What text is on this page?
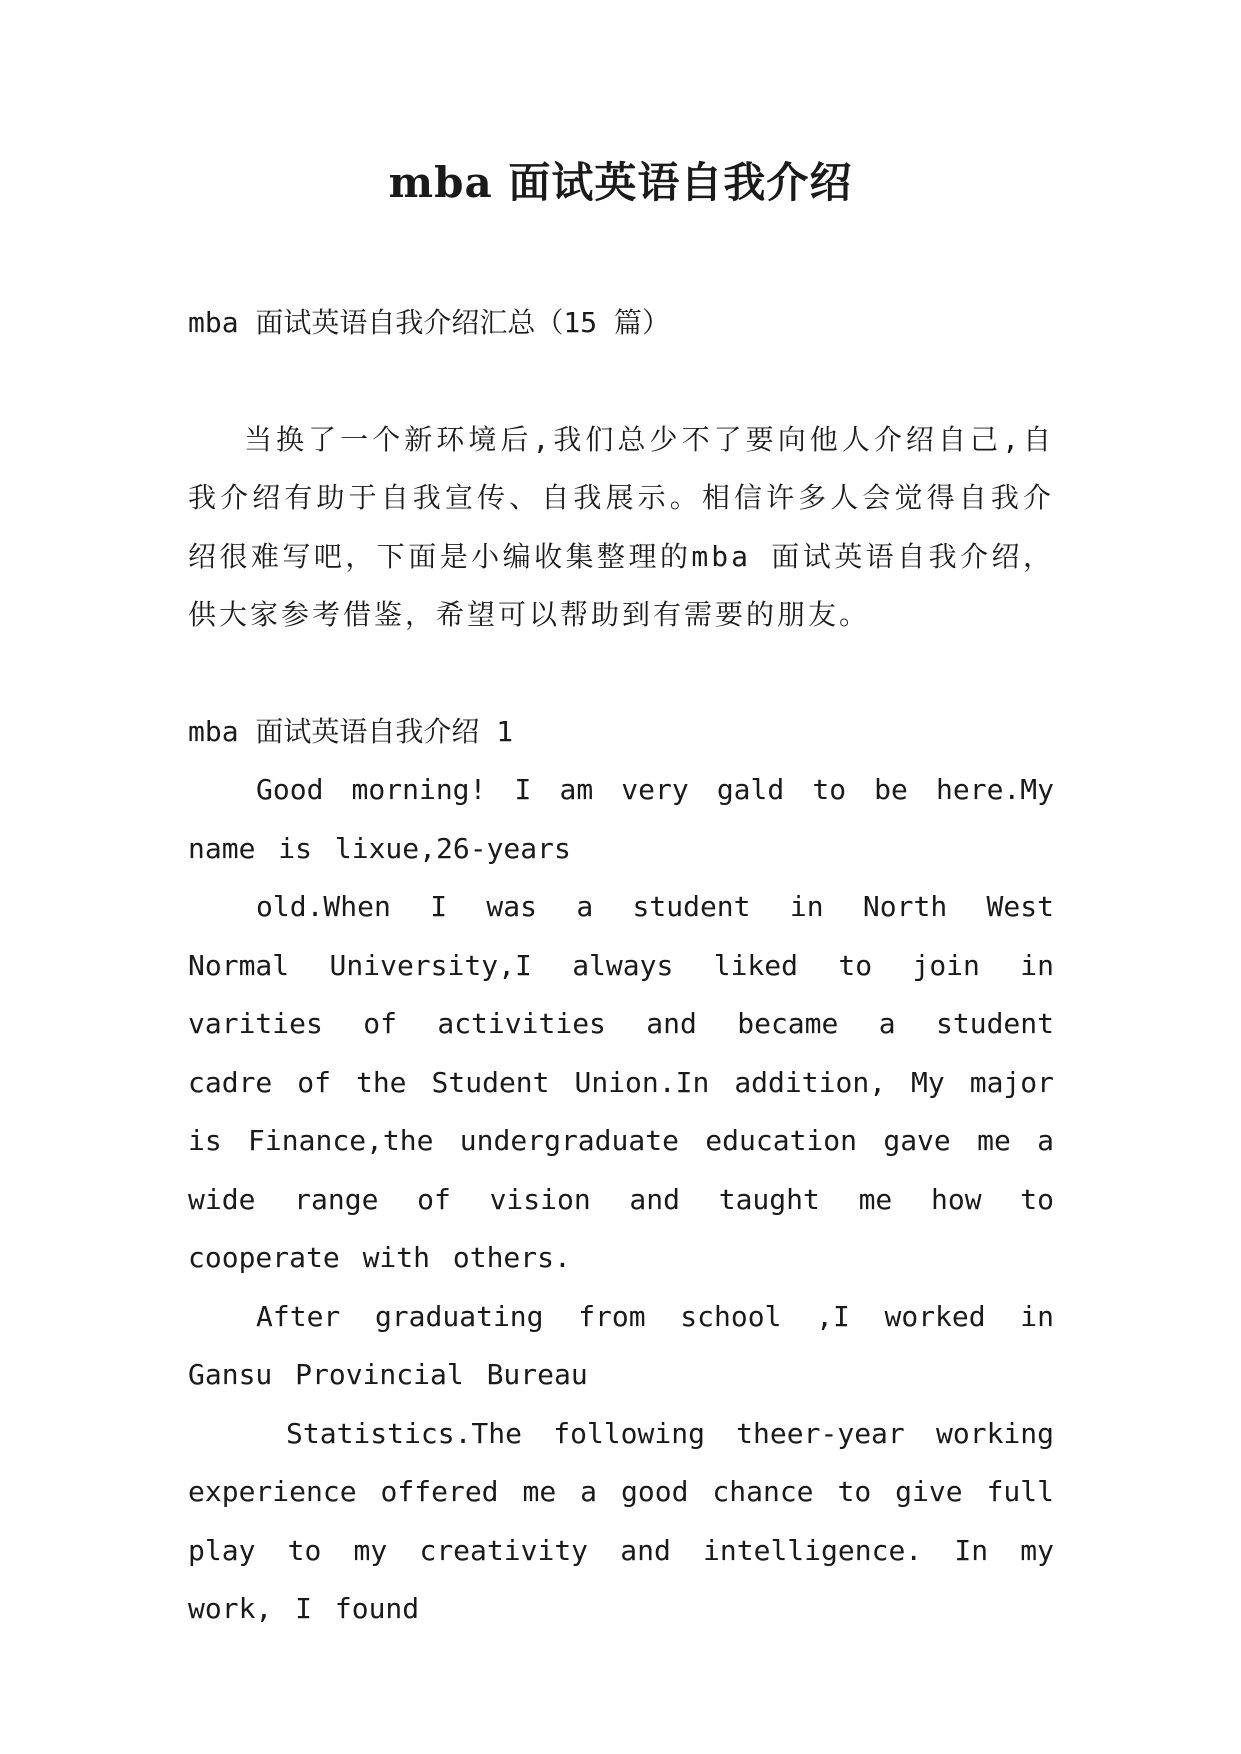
mba 面试英语自我介绍

mba 面试英语自我介绍汇总（15 篇）

当换了一个新环境后,我们总少不了要向他人介绍自己,自我介绍有助于自我宣传、自我展示。相信许多人会觉得自我介绍很难写吧，下面是小编收集整理的mba 面试英语自我介绍，供大家参考借鉴，希望可以帮助到有需要的朋友。

mba 面试英语自我介绍 1

Good morning! I am very gald to be here.My name is lixue,26-years

old.When I was a student in North West Normal University,I always liked to join in varities of activities and became a student cadre of the Student Union.In addition, My major is Finance,the undergraduate education gave me a wide range of vision and taught me how to cooperate with others.

After graduating from school ,I worked in Gansu Provincial Bureau

Statistics.The following theer-year working experience offered me a good chance to give full play to my creativity and intelligence. In my work, I found
